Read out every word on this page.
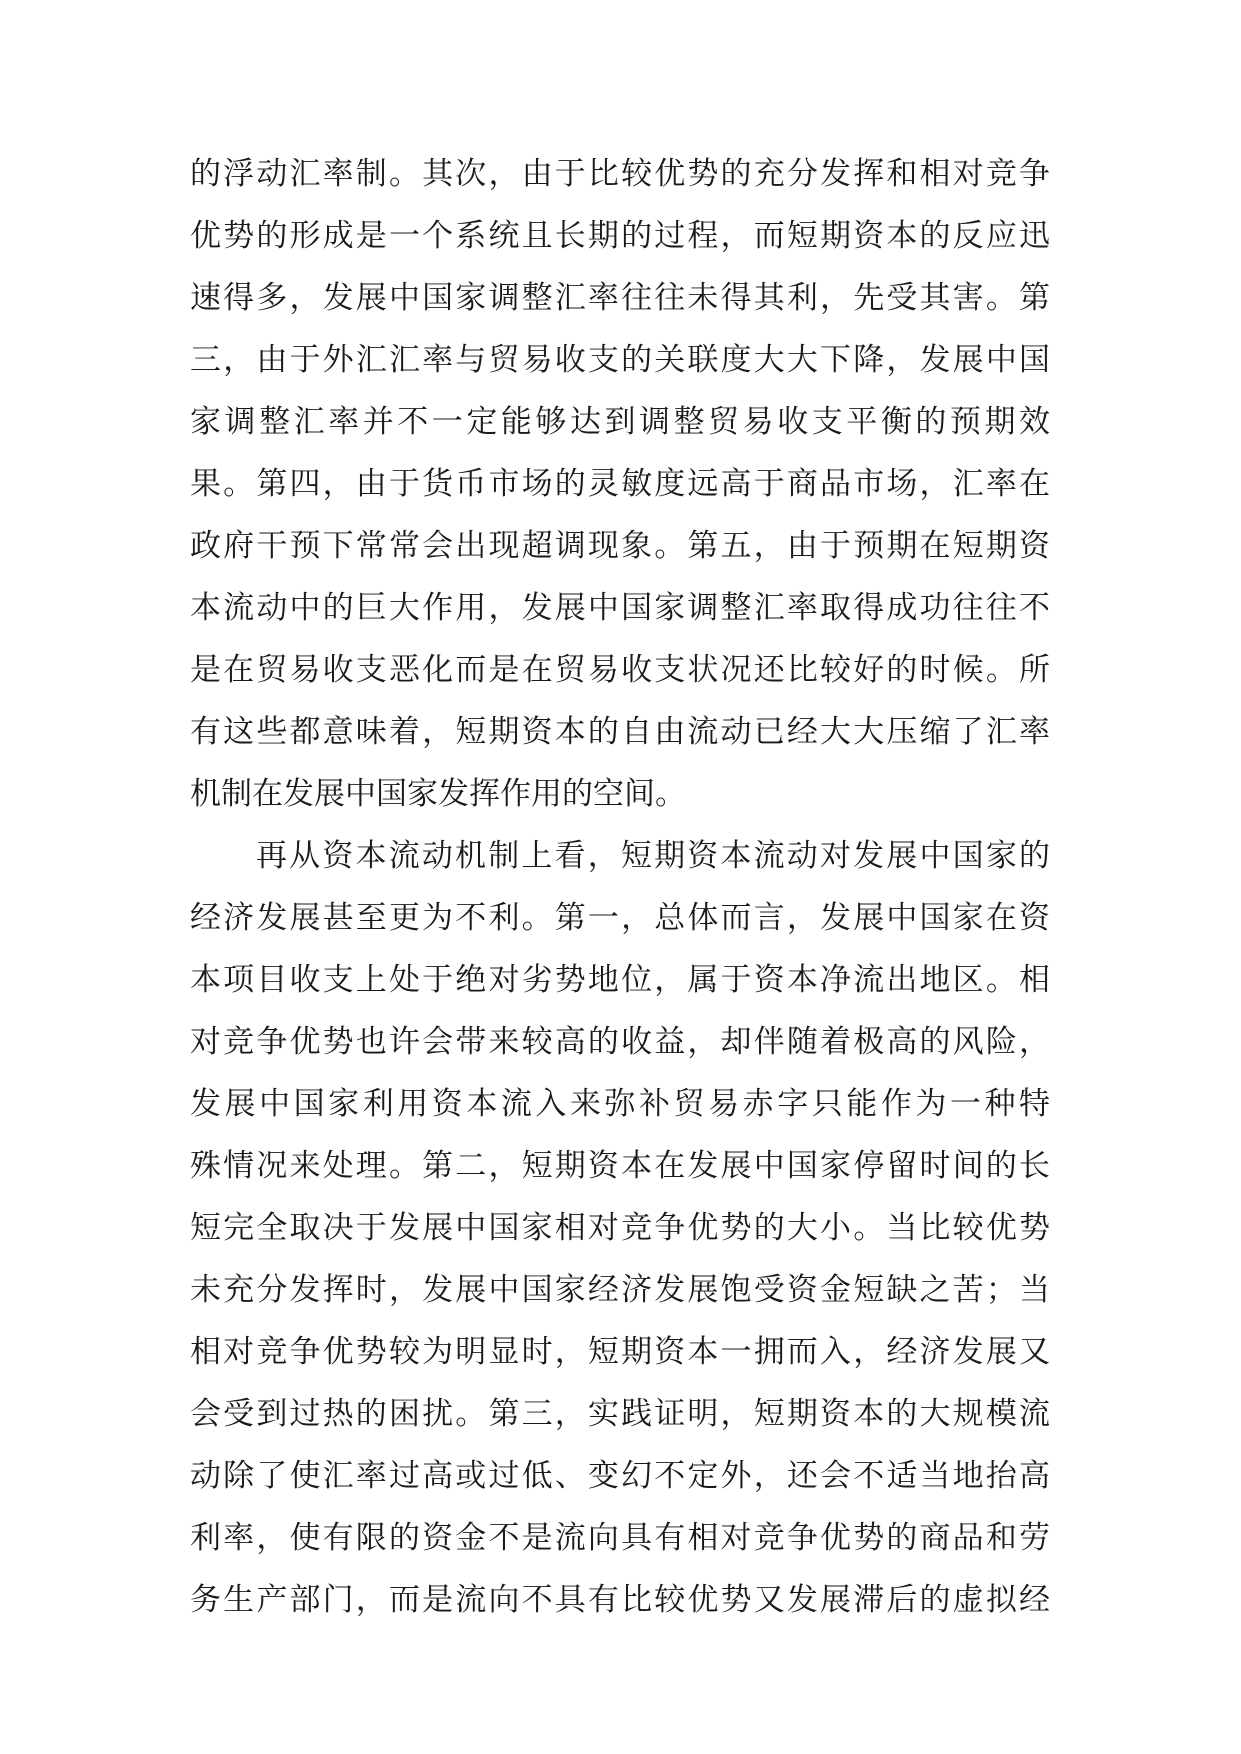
的浮动汇率制。其次，由于比较优势的充分发挥和相对竞争
优势的形成是一个系统且长期的过程，而短期资本的反应迅
速得多，发展中国家调整汇率往往未得其利，先受其害。第
三，由于外汇汇率与贸易收支的关联度大大下降，发展中国
家调整汇率并不一定能够达到调整贸易收支平衡的预期效
果。第四，由于货币市场的灵敏度远高于商品市场，汇率在
政府干预下常常会出现超调现象。第五，由于预期在短期资
本流动中的巨大作用，发展中国家调整汇率取得成功往往不
是在贸易收支恶化而是在贸易收支状况还比较好的时候。所
有这些都意味着，短期资本的自由流动已经大大压缩了汇率
机制在发展中国家发挥作用的空间。
再从资本流动机制上看，短期资本流动对发展中国家的
经济发展甚至更为不利。第一，总体而言，发展中国家在资
本项目收支上处于绝对劣势地位，属于资本净流出地区。相
对竞争优势也许会带来较高的收益，却伴随着极高的风险，
发展中国家利用资本流入来弥补贸易赤字只能作为一种特
殊情况来处理。第二，短期资本在发展中国家停留时间的长
短完全取决于发展中国家相对竞争优势的大小。当比较优势
未充分发挥时，发展中国家经济发展饱受资金短缺之苦；当
相对竞争优势较为明显时，短期资本一拥而入，经济发展又
会受到过热的困扰。第三，实践证明，短期资本的大规模流
动除了使汇率过高或过低、变幻不定外，还会不适当地抬高
利率，使有限的资金不是流向具有相对竞争优势的商品和劳
务生产部门，而是流向不具有比较优势又发展滞后的虚拟经
